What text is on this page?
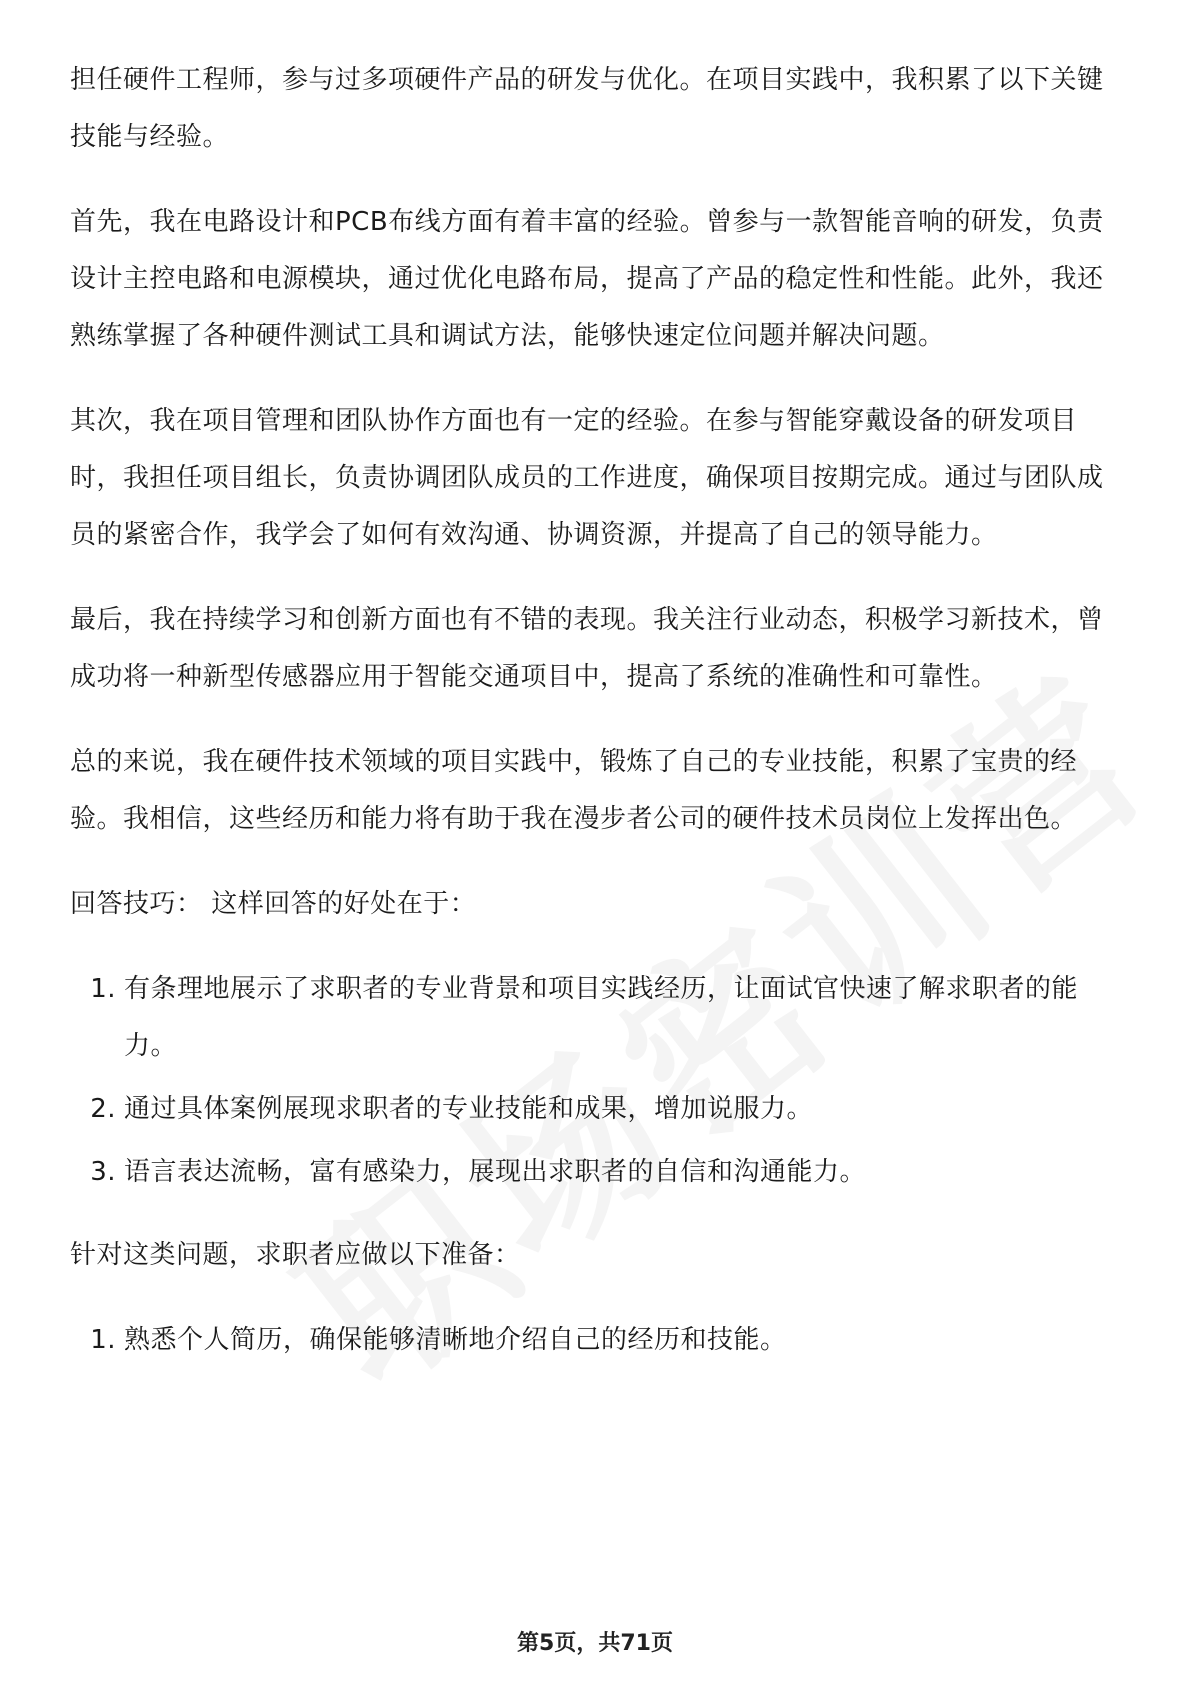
担任硬件工程师，参与过多项硬件产品的研发与优化。在项目实践中，我积累了以下关键技能与经验。

首先，我在电路设计和PCB布线方面有着丰富的经验。曾参与一款智能音响的研发，负责设计主控电路和电源模块，通过优化电路布局，提高了产品的稳定性和性能。此外，我还熟练掌握了各种硬件测试工具和调试方法，能够快速定位问题并解决问题。

其次，我在项目管理和团队协作方面也有一定的经验。在参与智能穿戴设备的研发项目时，我担任项目组长，负责协调团队成员的工作进度，确保项目按期完成。通过与团队成员的紧密合作，我学会了如何有效沟通、协调资源，并提高了自己的领导能力。

最后，我在持续学习和创新方面也有不错的表现。我关注行业动态，积极学习新技术，曾成功将一种新型传感器应用于智能交通项目中，提高了系统的准确性和可靠性。

总的来说，我在硬件技术领域的项目实践中，锻炼了自己的专业技能，积累了宝贵的经验。我相信，这些经历和能力将有助于我在漫步者公司的硬件技术员岗位上发挥出色。

回答技巧： 这样回答的好处在于：

1. 有条理地展示了求职者的专业背景和项目实践经历，让面试官快速了解求职者的能力。
2. 通过具体案例展现求职者的专业技能和成果，增加说服力。
3. 语言表达流畅，富有感染力，展现出求职者的自信和沟通能力。

针对这类问题，求职者应做以下准备：

1. 熟悉个人简历，确保能够清晰地介绍自己的经历和技能。
第5页，共71页
